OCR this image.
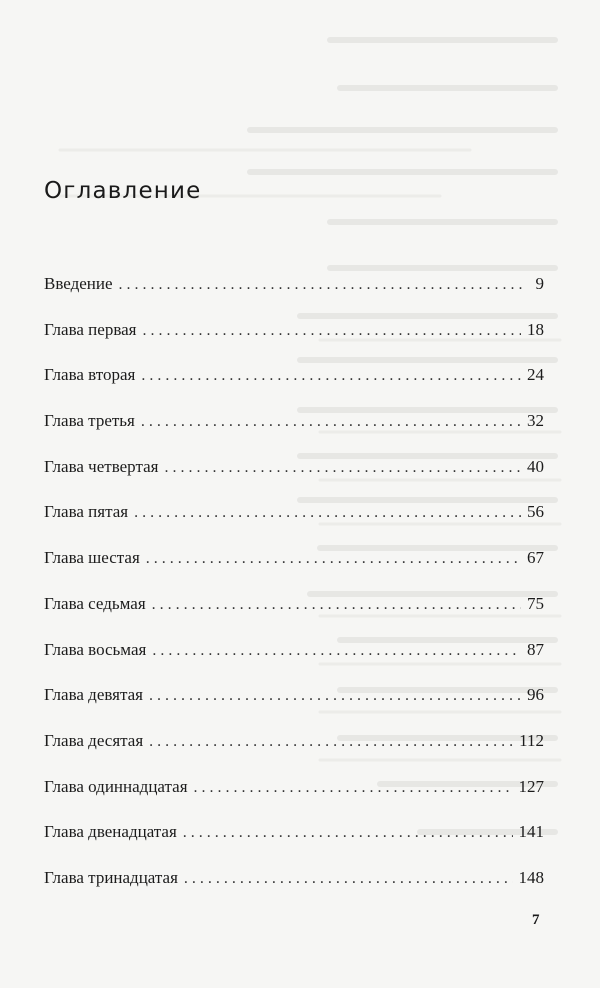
Оглавление
Введение . . .	9
Глава первая . . .	18
Глава вторая . . .	24
Глава третья . . .	32
Глава четвертая . . .	40
Глава пятая . . .	56
Глава шестая . . .	67
Глава седьмая . . .	75
Глава восьмая . . .	87
Глава девятая . . .	96
Глава десятая . . .	112
Глава одиннадцатая . . .	127
Глава двенадцатая . . .	141
Глава тринадцатая . . .	148
7
